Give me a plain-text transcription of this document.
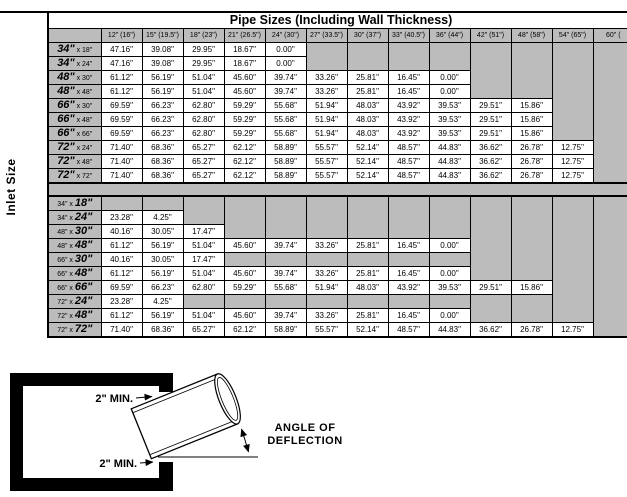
Inlet Size
Pipe Sizes (Including Wall Thickness)													
	12" (16")	15" (19.5")	18" (23")	21" (26.5")	24" (30")	27" (33.5")	30" (37")	33" (40.5")	36" (44")	42" (51")	48" (58")	54" (65")	60" (
34" x 18"	47.16"	39.08"	29.95"	18.67"	0.00"								
34" x 24"	47.16"	39.08"	29.95"	18.67"	0.00"								
48" x 30"	61.12"	56.19"	51.04"	45.60"	39.74"	33.26"	25.81"	16.45"	0.00"				
48" x 48"	61.12"	56.19"	51.04"	45.60"	39.74"	33.26"	25.81"	16.45"	0.00"				
66" x 30"	69.59"	66.23"	62.80"	59.29"	55.68"	51.94"	48.03"	43.92"	39.53"	29.51"	15.86"		
66" x 48"	69.59"	66.23"	62.80"	59.29"	55.68"	51.94"	48.03"	43.92"	39.53"	29.51"	15.86"		
66" x 66"	69.59"	66.23"	62.80"	59.29"	55.68"	51.94"	48.03"	43.92"	39.53"	29.51"	15.86"		
72" x 24"	71.40"	68.36"	65.27"	62.12"	58.89"	55.57"	52.14"	48.57"	44.83"	36.62"	26.78"	12.75"	
72" x 48"	71.40"	68.36"	65.27"	62.12"	58.89"	55.57"	52.14"	48.57"	44.83"	36.62"	26.78"	12.75"	
72" x 72"	71.40"	68.36"	65.27"	62.12"	58.89"	55.57"	52.14"	48.57"	44.83"	36.62"	26.78"	12.75"	

34" x 18"													
34" x 24"	23.28"	4.25"											
48" x 30"	40.16"	30.05"	17.47"										
48" x 48"	61.12"	56.19"	51.04"	45.60"	39.74"	33.26"	25.81"	16.45"	0.00"				
66" x 30"	40.16"	30.05"	17.47"										
66" x 48"	61.12"	56.19"	51.04"	45.60"	39.74"	33.26"	25.81"	16.45"	0.00"				
66" x 66"	69.59"	66.23"	62.80"	59.29"	55.68"	51.94"	48.03"	43.92"	39.53"	29.51"	15.86"		
72" x 24"	23.28"	4.25"											
72" x 48"	61.12"	56.19"	51.04"	45.60"	39.74"	33.26"	25.81"	16.45"	0.00"				
72" x 72"	71.40"	68.36"	65.27"	62.12"	58.89"	55.57"	52.14"	48.57"	44.83"	36.62"	26.78"	12.75"	
2" MIN.
2" MIN.
ANGLE OF
DEFLECTION
